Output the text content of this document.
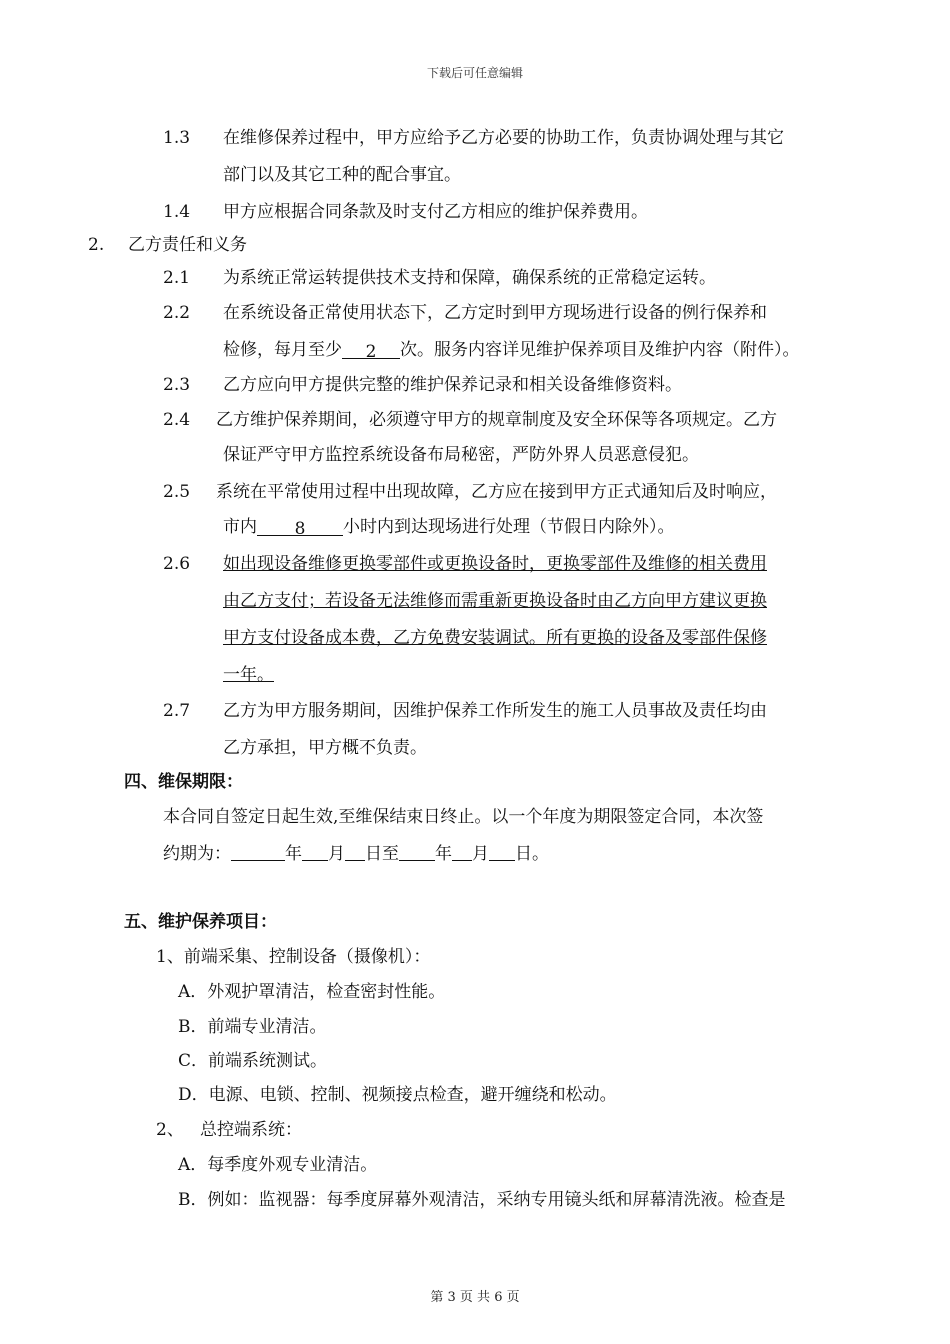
下载后可任意编辑
1.3 在维修保养过程中，甲方应给予乙方必要的协助工作，负责协调处理与其它
部门以及其它工种的配合事宜。
1.4 甲方应根据合同条款及时支付乙方相应的维护保养费用。
2. 乙方责任和义务
2.1 为系统正常运转提供技术支持和保障，确保系统的正常稳定运转。
2.2 在系统设备正常使用状态下，乙方定时到甲方现场进行设备的例行保养和
检修，每月至少 2 次。服务内容详见维护保养项目及维护内容（附件）。
2.3 乙方应向甲方提供完整的维护保养记录和相关设备维修资料。
2.4 乙方维护保养期间，必须遵守甲方的规章制度及安全环保等各项规定。乙方
保证严守甲方监控系统设备布局秘密，严防外界人员恶意侵犯。
2.5 系统在平常使用过程中出现故障，乙方应在接到甲方正式通知后及时响应，
市内 8 小时内到达现场进行处理（节假日内除外）。
2.6 如出现设备维修更换零部件或更换设备时，更换零部件及维修的相关费用
由乙方支付；若设备无法维修而需重新更换设备时由乙方向甲方建议更换
甲方支付设备成本费，乙方免费安装调试。所有更换的设备及零部件保修
一年。
2.7 乙方为甲方服务期间，因维护保养工作所发生的施工人员事故及责任均由
乙方承担，甲方概不负责。
四、维保期限：
本合同自签定日起生效,至维保结束日终止。以一个年度为期限签定合同，本次签
约期为：	年 月 日至 年 月 日。
五、维护保养项目：
1、前端采集、控制设备（摄像机）：
A．外观护罩清洁，检查密封性能。
B．前端专业清洁。
C．前端系统测试。
D．电源、电锁、控制、视频接点检查，避开缠绕和松动。
2、   总控端系统：
A．每季度外观专业清洁。
B．例如：监视器：每季度屏幕外观清洁，采纳专用镜头纸和屏幕清洗液。检查是
第 3 页 共 6 页
